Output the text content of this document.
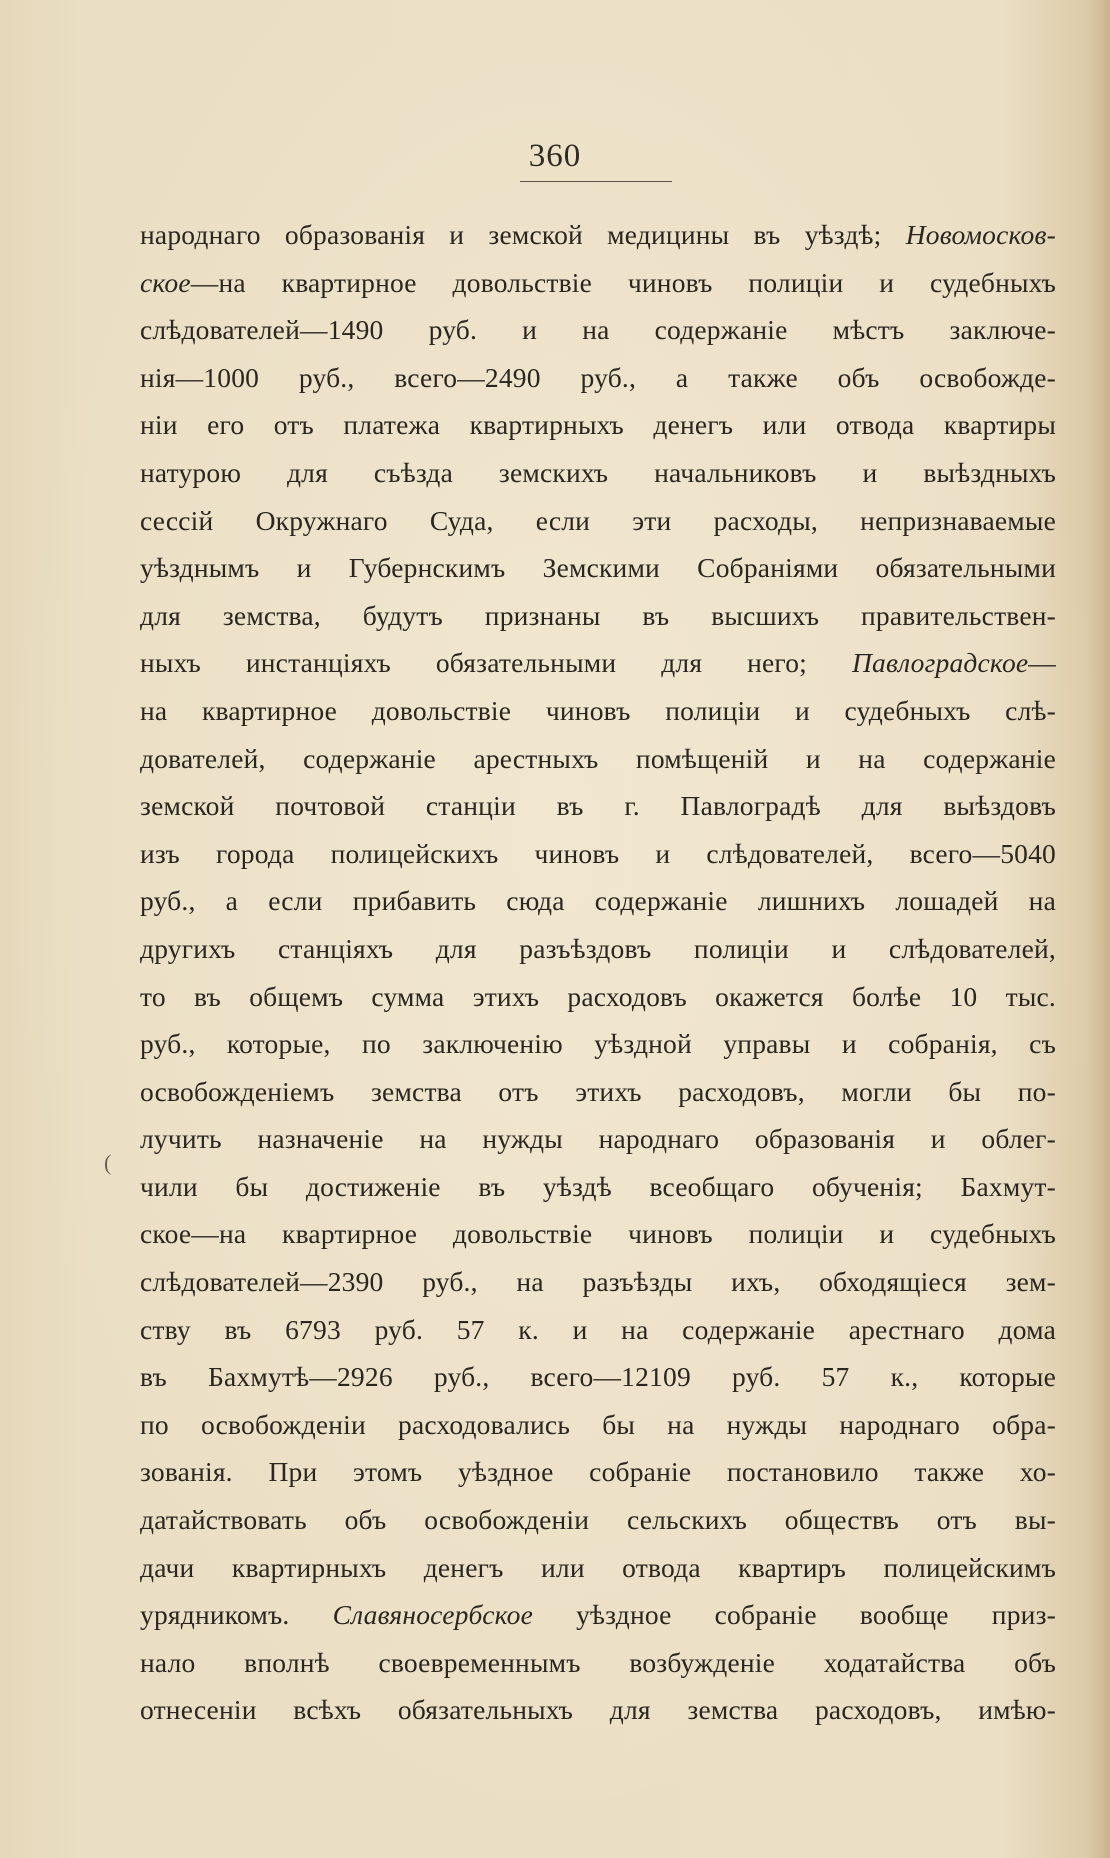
360
народнаго образованія и земской медицины въ уѣздѣ; Новомосков-
ское—на квартирное довольствіе чиновъ полиціи и судебныхъ
слѣдователей—1490 руб. и на содержаніе мѣстъ заключе-
нія—1000 руб., всего—2490 руб., а также объ освобожде-
ніи его отъ платежа квартирныхъ денегъ или отвода квартиры
натурою для съѣзда земскихъ начальниковъ и выѣздныхъ
сессій Окружнаго Суда, если эти расходы, непризнаваемые
уѣзднымъ и Губернскимъ Земскими Собраніями обязательными
для земства, будутъ признаны въ высшихъ правительствен-
ныхъ инстанціяхъ обязательными для него; Павлоградское—
на квартирное довольствіе чиновъ полиціи и судебныхъ слѣ-
дователей, содержаніе арестныхъ помѣщеній и на содержаніе
земской почтовой станціи въ г. Павлоградѣ для выѣздовъ
изъ города полицейскихъ чиновъ и слѣдователей, всего—5040
руб., а если прибавить сюда содержаніе лишнихъ лошадей на
другихъ станціяхъ для разъѣздовъ полиціи и слѣдователей,
то въ общемъ сумма этихъ расходовъ окажется болѣе 10 тыс.
руб., которые, по заключенію уѣздной управы и собранія, съ
освобожденіемъ земства отъ этихъ расходовъ, могли бы по-
лучить назначеніе на нужды народнаго образованія и облег-
чили бы достиженіе въ уѣздѣ всеобщаго обученія; Бахмут-
ское—на квартирное довольствіе чиновъ полиціи и судебныхъ
слѣдователей—2390 руб., на разъѣзды ихъ, обходящіеся зем-
ству въ 6793 руб. 57 к. и на содержаніе арестнаго дома
въ Бахмутѣ—2926 руб., всего—12109 руб. 57 к., которые
по освобожденіи расходовались бы на нужды народнаго обра-
зованія. При этомъ уѣздное собраніе постановило также хо-
датайствовать объ освобожденіи сельскихъ обществъ отъ вы-
дачи квартирныхъ денегъ или отвода квартиръ полицейскимъ
урядникомъ. Славяносербское уѣздное собраніе вообще приз-
нало вполнѣ своевременнымъ возбужденіе ходатайства объ
отнесеніи всѣхъ обязательныхъ для земства расходовъ, имѣю-
(
